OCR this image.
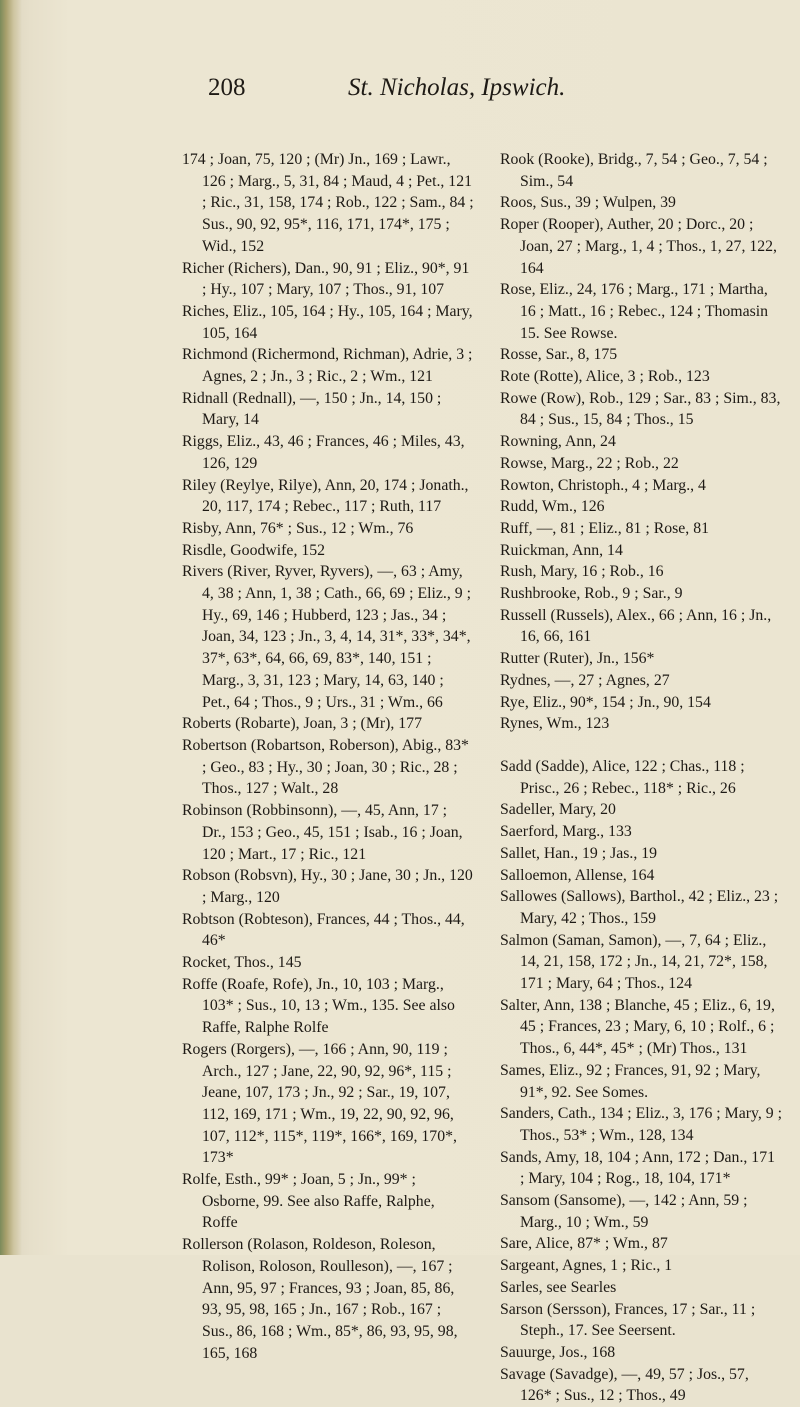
208	St. Nicholas, Ipswich.
174 ; Joan, 75, 120 ; (Mr) Jn., 169 ; Lawr., 126 ; Marg., 5, 31, 84 ; Maud, 4 ; Pet., 121 ; Ric., 31, 158, 174 ; Rob., 122 ; Sam., 84 ; Sus., 90, 92, 95*, 116, 171, 174*, 175 ; Wid., 152
Richer (Richers), Dan., 90, 91 ; Eliz., 90*, 91 ; Hy., 107 ; Mary, 107 ; Thos., 91, 107
Riches, Eliz., 105, 164 ; Hy., 105, 164 ; Mary, 105, 164
Richmond (Richermond, Richman), Adrie, 3 ; Agnes, 2 ; Jn., 3 ; Ric., 2 ; Wm., 121
Ridnall (Rednall), —, 150 ; Jn., 14, 150 ; Mary, 14
Riggs, Eliz., 43, 46 ; Frances, 46 ; Miles, 43, 126, 129
Riley (Reylye, Rilye), Ann, 20, 174 ; Jonath., 20, 117, 174 ; Rebec., 117 ; Ruth, 117
Risby, Ann, 76* ; Sus., 12 ; Wm., 76
Risdle, Goodwife, 152
Rivers (River, Ryver, Ryvers), —, 63 ; Amy, 4, 38 ; Ann, 1, 38 ; Cath., 66, 69 ; Eliz., 9 ; Hy., 69, 146 ; Hubberd, 123 ; Jas., 34 ; Joan, 34, 123 ; Jn., 3, 4, 14, 31*, 33*, 34*, 37*, 63*, 64, 66, 69, 83*, 140, 151 ; Marg., 3, 31, 123 ; Mary, 14, 63, 140 ; Pet., 64 ; Thos., 9 ; Urs., 31 ; Wm., 66
Roberts (Robarte), Joan, 3 ; (Mr), 177
Robertson (Robartson, Roberson), Abig., 83* ; Geo., 83 ; Hy., 30 ; Joan, 30 ; Ric., 28 ; Thos., 127 ; Walt., 28
Robinson (Robbinsonn), —, 45, Ann, 17 ; Dr., 153 ; Geo., 45, 151 ; Isab., 16 ; Joan, 120 ; Mart., 17 ; Ric., 121
Robson (Robsvn), Hy., 30 ; Jane, 30 ; Jn., 120 ; Marg., 120
Robtson (Robteson), Frances, 44 ; Thos., 44, 46*
Rocket, Thos., 145
Roffe (Roafe, Rofe), Jn., 10, 103 ; Marg., 103* ; Sus., 10, 13 ; Wm., 135. See also Raffe, Ralphe Rolfe
Rogers (Rorgers), —, 166 ; Ann, 90, 119 ; Arch., 127 ; Jane, 22, 90, 92, 96*, 115 ; Jeane, 107, 173 ; Jn., 92 ; Sar., 19, 107, 112, 169, 171 ; Wm., 19, 22, 90, 92, 96, 107, 112*, 115*, 119*, 166*, 169, 170*, 173*
Rolfe, Esth., 99* ; Joan, 5 ; Jn., 99* ; Osborne, 99. See also Raffe, Ralphe, Roffe
Rollerson (Rolason, Roldeson, Roleson, Rolison, Roloson, Roulleson), —, 167 ; Ann, 95, 97 ; Frances, 93 ; Joan, 85, 86, 93, 95, 98, 165 ; Jn., 167 ; Rob., 167 ; Sus., 86, 168 ; Wm., 85*, 86, 93, 95, 98, 165, 168
Rook (Rooke), Bridg., 7, 54 ; Geo., 7, 54 ; Sim., 54
Roos, Sus., 39 ; Wulpen, 39
Roper (Rooper), Auther, 20 ; Dorc., 20 ; Joan, 27 ; Marg., 1, 4 ; Thos., 1, 27, 122, 164
Rose, Eliz., 24, 176 ; Marg., 171 ; Martha, 16 ; Matt., 16 ; Rebec., 124 ; Thomasin 15. See Rowse.
Rosse, Sar., 8, 175
Rote (Rotte), Alice, 3 ; Rob., 123
Rowe (Row), Rob., 129 ; Sar., 83 ; Sim., 83, 84 ; Sus., 15, 84 ; Thos., 15
Rowning, Ann, 24
Rowse, Marg., 22 ; Rob., 22
Rowton, Christoph., 4 ; Marg., 4
Rudd, Wm., 126
Ruff, —, 81 ; Eliz., 81 ; Rose, 81
Ruickman, Ann, 14
Rush, Mary, 16 ; Rob., 16
Rushbrooke, Rob., 9 ; Sar., 9
Russell (Russels), Alex., 66 ; Ann, 16 ; Jn., 16, 66, 161
Rutter (Ruter), Jn., 156*
Rydnes, —, 27 ; Agnes, 27
Rye, Eliz., 90*, 154 ; Jn., 90, 154
Rynes, Wm., 123
Sadd (Sadde), Alice, 122 ; Chas., 118 ; Prisc., 26 ; Rebec., 118* ; Ric., 26
Sadeller, Mary, 20
Saerford, Marg., 133
Sallet, Han., 19 ; Jas., 19
Salloemon, Allense, 164
Sallowes (Sallows), Barthol., 42 ; Eliz., 23 ; Mary, 42 ; Thos., 159
Salmon (Saman, Samon), —, 7, 64 ; Eliz., 14, 21, 158, 172 ; Jn., 14, 21, 72*, 158, 171 ; Mary, 64 ; Thos., 124
Salter, Ann, 138 ; Blanche, 45 ; Eliz., 6, 19, 45 ; Frances, 23 ; Mary, 6, 10 ; Rolf., 6 ; Thos., 6, 44*, 45* ; (Mr) Thos., 131
Sames, Eliz., 92 ; Frances, 91, 92 ; Mary, 91*, 92. See Somes.
Sanders, Cath., 134 ; Eliz., 3, 176 ; Mary, 9 ; Thos., 53* ; Wm., 128, 134
Sands, Amy, 18, 104 ; Ann, 172 ; Dan., 171 ; Mary, 104 ; Rog., 18, 104, 171*
Sansom (Sansome), —, 142 ; Ann, 59 ; Marg., 10 ; Wm., 59
Sare, Alice, 87* ; Wm., 87
Sargeant, Agnes, 1 ; Ric., 1
Sarles, see Searles
Sarson (Sersson), Frances, 17 ; Sar., 11 ; Steph., 17. See Seersent.
Sauurge, Jos., 168
Savage (Savadge), —, 49, 57 ; Jos., 57, 126* ; Sus., 12 ; Thos., 49
